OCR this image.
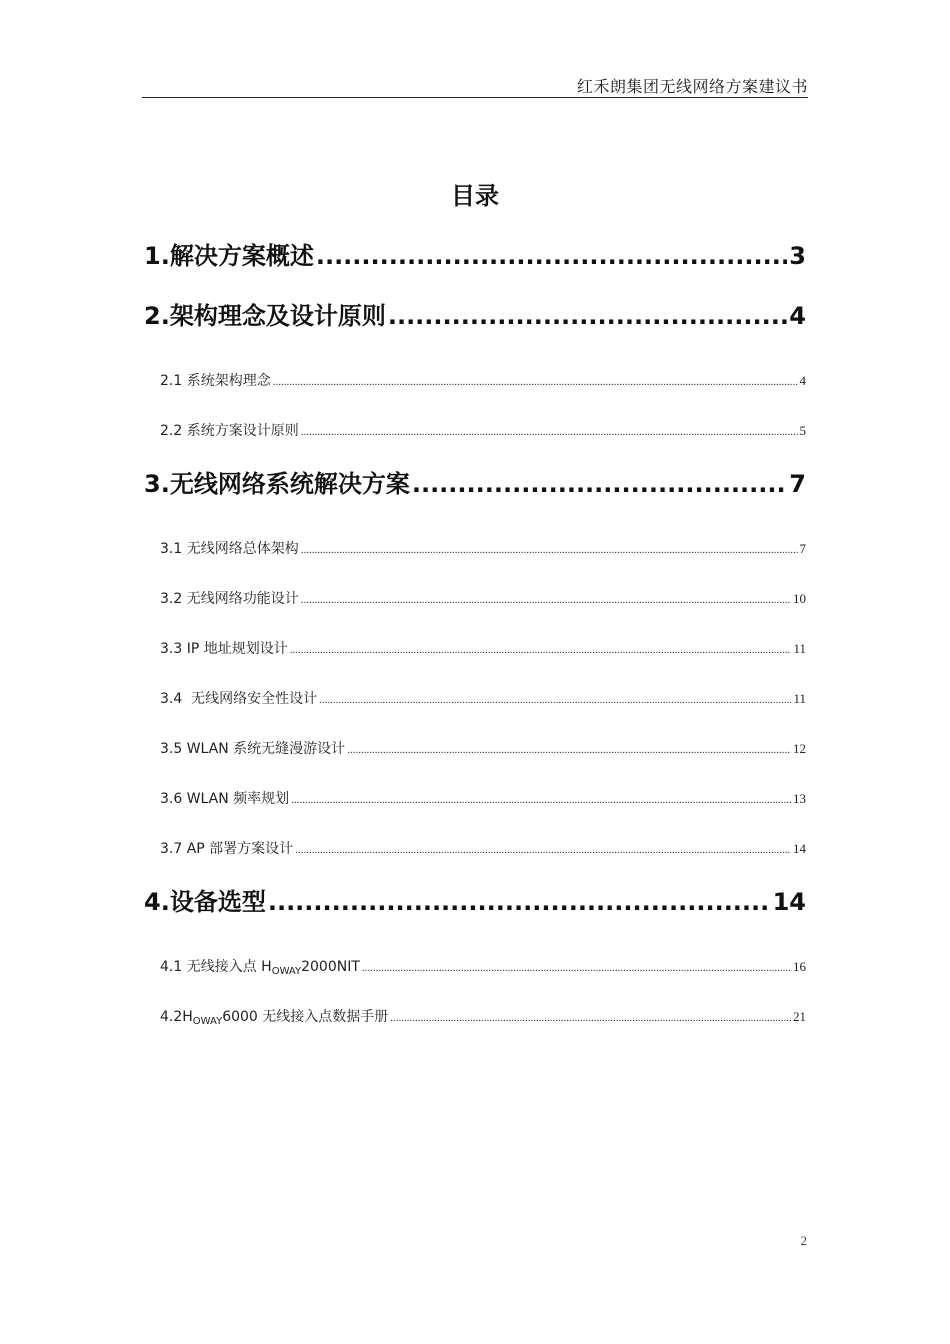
红禾朗集团无线网络方案建议书
目录
1.解决方案概述 .....	3
2.架构理念及设计原则 .....	4
2.1 系统架构理念 .....	4
2.2 系统方案设计原则 .....	5
3.无线网络系统解决方案 .....	7
3.1 无线网络总体架构 .....	7
3.2 无线网络功能设计 .....	10
3.3 IP 地址规划设计 .....	11
3.4  无线网络安全性设计 .....	11
3.5 WLAN 系统无缝漫游设计 .....	12
3.6 WLAN 频率规划 .....	13
3.7 AP 部署方案设计 .....	14
4.设备选型 .....	14
4.1 无线接入点 $H_{OWAY}2000NIT$ .....	16
$4.2H_{OWAY}6000$ 无线接入点数据手册 .....	21
2
